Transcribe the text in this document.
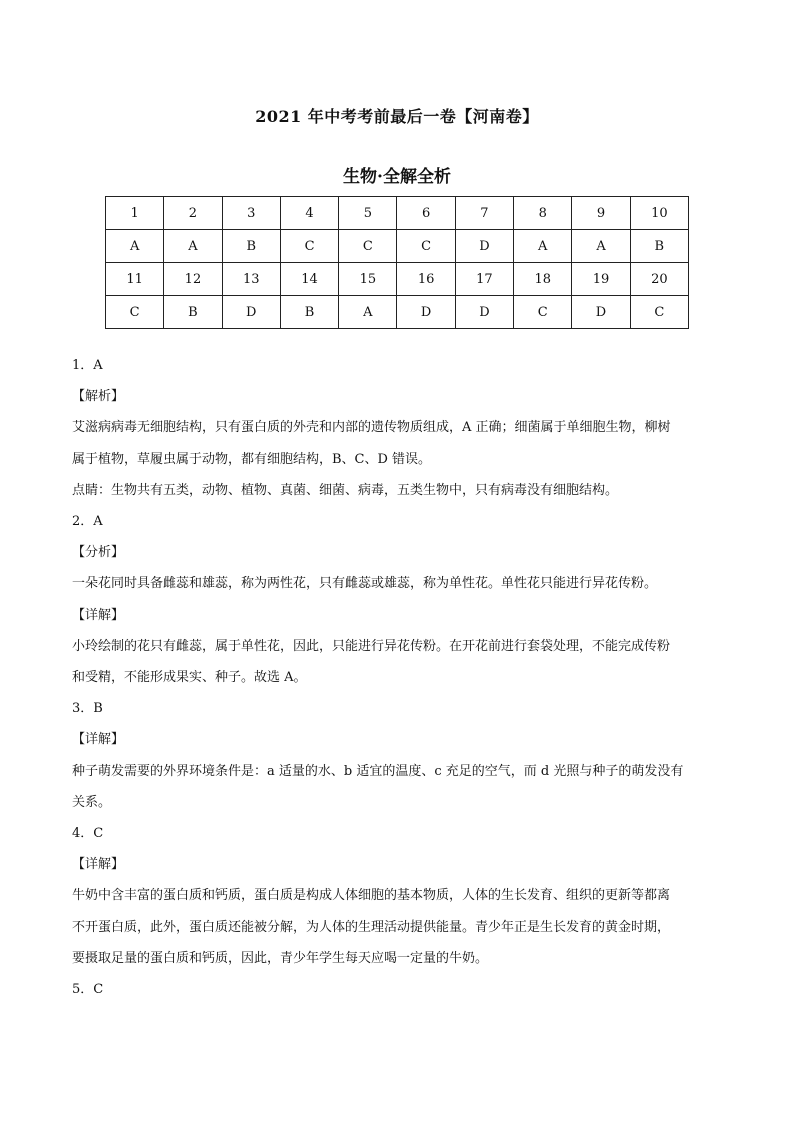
2021 年中考考前最后一卷【河南卷】
生物·全解全析
1	2	3	4	5	6	7	8	9	10
A	A	B	C	C	C	D	A	A	B
11	12	13	14	15	16	17	18	19	20
C	B	D	B	A	D	D	C	D	C
1．A
【解析】
艾滋病病毒无细胞结构，只有蛋白质的外壳和内部的遗传物质组成，A 正确；细菌属于单细胞生物，柳树
属于植物，草履虫属于动物，都有细胞结构，B、C、D 错误。
点睛：生物共有五类，动物、植物、真菌、细菌、病毒，五类生物中，只有病毒没有细胞结构。
2．A
【分析】
一朵花同时具备雌蕊和雄蕊，称为两性花，只有雌蕊或雄蕊，称为单性花。单性花只能进行异花传粉。
【详解】
小玲绘制的花只有雌蕊，属于单性花，因此，只能进行异花传粉。在开花前进行套袋处理，不能完成传粉
和受精，不能形成果实、种子。故选 A。
3．B
【详解】
种子萌发需要的外界环境条件是：a 适量的水、b 适宜的温度、c 充足的空气，而 d 光照与种子的萌发没有
关系。
4．C
【详解】
牛奶中含丰富的蛋白质和钙质，蛋白质是构成人体细胞的基本物质，人体的生长发育、组织的更新等都离
不开蛋白质，此外，蛋白质还能被分解，为人体的生理活动提供能量。青少年正是生长发育的黄金时期，
要摄取足量的蛋白质和钙质，因此，青少年学生每天应喝一定量的牛奶。
5．C
